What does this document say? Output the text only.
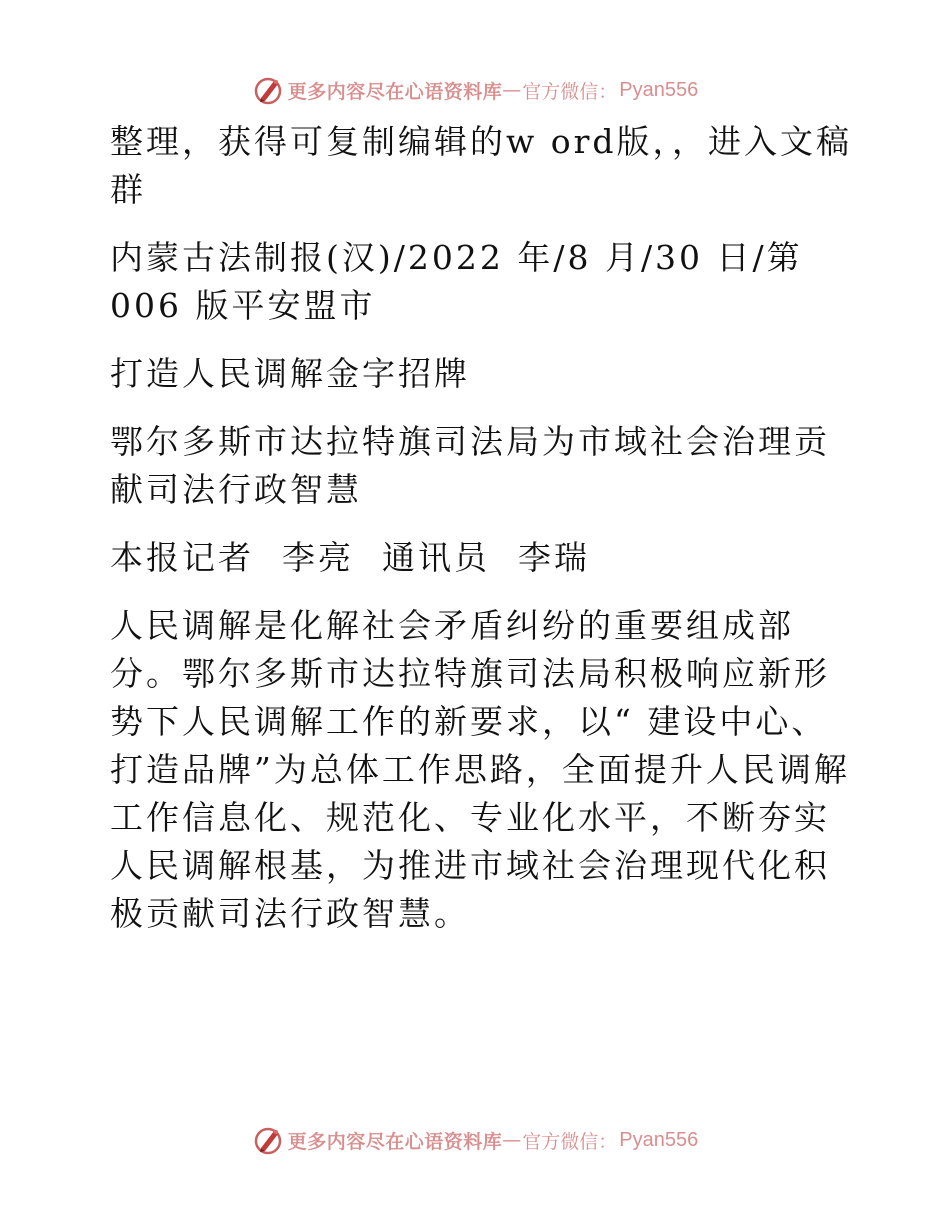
更多内容尽在心语资料库 — 官方微信： Pyan556

整理，获得可复制编辑的w ord版，，进入文稿群

内蒙古法制报(汉)/2022 年/8 月/30 日/第 006 版平安盟市

打造人民调解金字招牌

鄂尔多斯市达拉特旗司法局为市域社会治理贡献司法行政智慧

本报记者 李亮 通讯员 李瑞

人民调解是化解社会矛盾纠纷的重要组成部分。鄂尔多斯市达拉特旗司法局积极响应新形势下人民调解工作的新要求，以“ 建设中心、打造品牌”为总体工作思路，全面提升人民调解工作信息化、规范化、专业化水平，不断夯实人民调解根基，为推进市域社会治理现代化积极贡献司法行政智慧。

更多内容尽在心语资料库 — 官方微信： Pyan556
